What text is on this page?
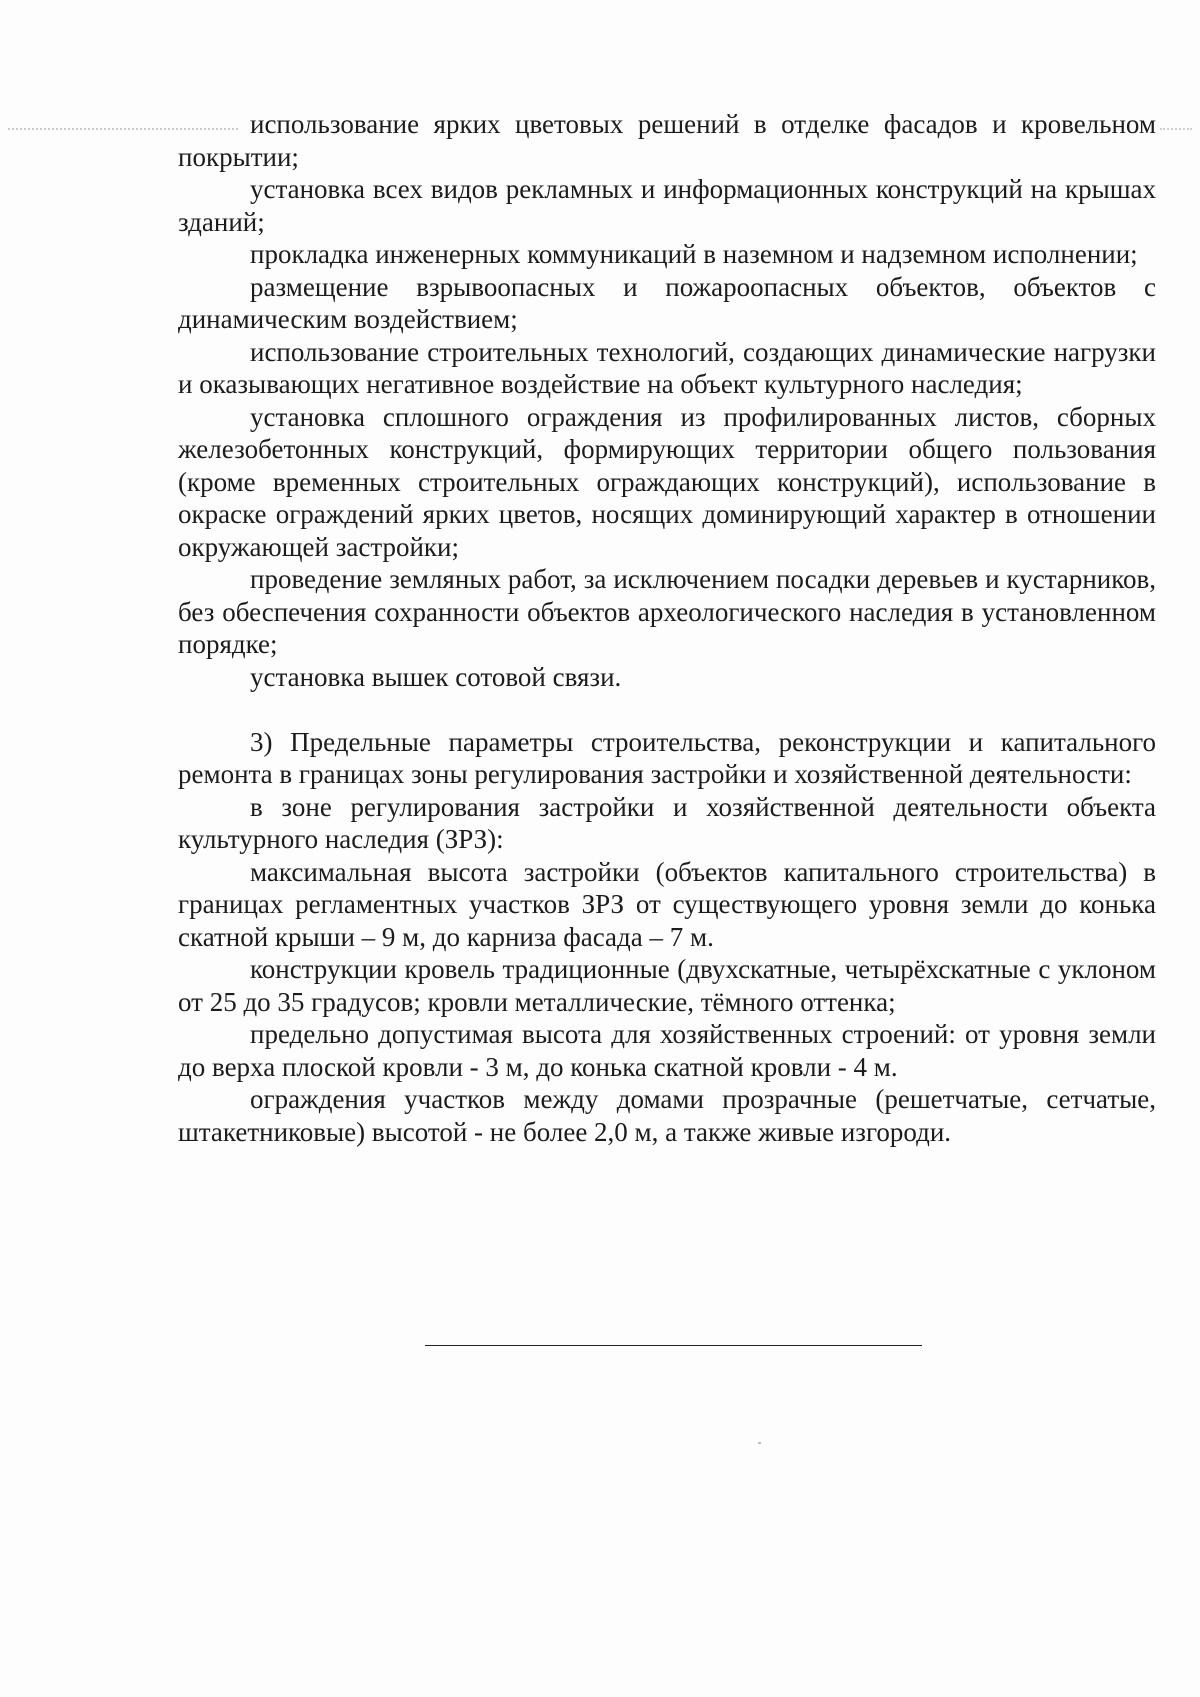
использование ярких цветовых решений в отделке фасадов и кровельном покрытии;

установка всех видов рекламных и информационных конструкций на крышах зданий;

прокладка инженерных коммуникаций в наземном и надземном исполнении;

размещение взрывоопасных и пожароопасных объектов, объектов с динамическим воздействием;

использование строительных технологий, создающих динамические нагрузки и оказывающих негативное воздействие на объект культурного наследия;

установка сплошного ограждения из профилированных листов, сборных железобетонных конструкций, формирующих территории общего пользования (кроме временных строительных ограждающих конструкций), использование в окраске ограждений ярких цветов, носящих доминирующий характер в отношении окружающей застройки;

проведение земляных работ, за исключением посадки деревьев и кустарников, без обеспечения сохранности объектов археологического наследия в установленном порядке;

установка вышек сотовой связи.

3) Предельные параметры строительства, реконструкции и капитального ремонта в границах зоны регулирования застройки и хозяйственной деятельности:

в зоне регулирования застройки и хозяйственной деятельности объекта культурного наследия (ЗРЗ):

максимальная высота застройки (объектов капитального строительства) в границах регламентных участков ЗРЗ от существующего уровня земли до конька скатной крыши – 9 м, до карниза фасада – 7 м.

конструкции кровель традиционные (двухскатные, четырёхскатные с уклоном от 25 до 35 градусов; кровли металлические, тёмного оттенка;

предельно допустимая высота для хозяйственных строений: от уровня земли до верха плоской кровли - 3 м, до конька скатной кровли - 4 м.

ограждения участков между домами прозрачные (решетчатые, сетчатые, штакетниковые) высотой - не более 2,0 м, а также живые изгороди.
